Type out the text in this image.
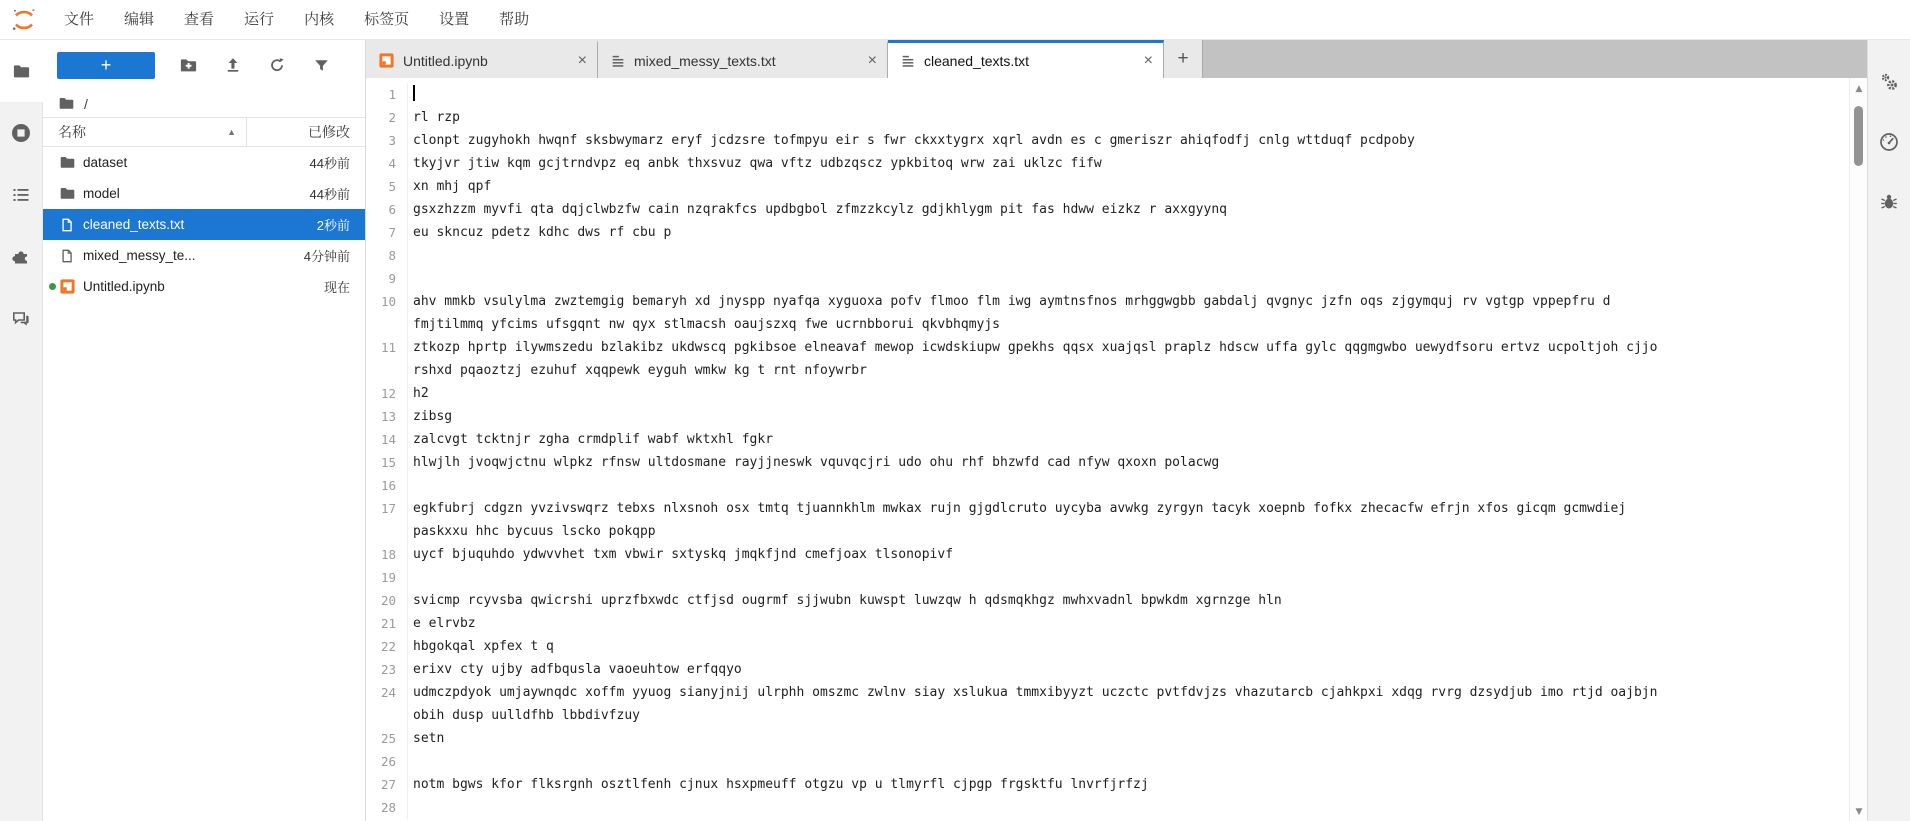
文件	编辑	查看	运行	内核	标签页	设置	帮助
+
/
名称	▲	已修改
dataset	44秒前
model	44秒前
cleaned_texts.txt	2秒前
mixed_messy_te...	4分钟前
Untitled.ipynb	现在
Untitled.ipynb	×	mixed_messy_texts.txt	×	cleaned_texts.txt	×	+
1
2	rl rzp
3	clonpt zugyhokh hwqnf sksbwymarz eryf jcdzsre tofmpyu eir s fwr ckxxtygrx xqrl avdn es c gmeriszr ahiqfodfj cnlg wttduqf pcdpoby
4	tkyjvr jtiw kqm gcjtrndvpz eq anbk thxsvuz qwa vftz udbzqscz ypkbitoq wrw zai uklzc fifw
5	xn mhj qpf
6	gsxzhzzm myvfi qta dqjclwbzfw cain nzqrakfcs updbgbol zfmzzkcylz gdjkhlygm pit fas hdww eizkz r axxgyynq
7	eu skncuz pdetz kdhc dws rf cbu p
8
9
10	ahv mmkb vsulylma zwztemgig bemaryh xd jnyspp nyafqa xyguoxa pofv flmoo flm iwg aymtnsfnos mrhggwgbb gabdalj qvgnyc jzfn oqs zjgymquj rv vgtgp vppepfru d
fmjtilmmq yfcims ufsgqnt nw qyx stlmacsh oaujszxq fwe ucrnbborui qkvbhqmyjs
11	ztkozp hprtp ilywmszedu bzlakibz ukdwscq pgkibsoe elneavaf mewop icwdskiupw gpekhs qqsx xuajqsl praplz hdscw uffa gylc qqgmgwbo uewydfsoru ertvz ucpoltjoh cjjo
rshxd pqaoztzj ezuhuf xqqpewk eyguh wmkw kg t rnt nfoywrbr
12	h2
13	zibsg
14	zalcvgt tcktnjr zgha crmdplif wabf wktxhl fgkr
15	hlwjlh jvoqwjctnu wlpkz rfnsw ultdosmane rayjjneswk vquvqcjri udo ohu rhf bhzwfd cad nfyw qxoxn polacwg
16
17	egkfubrj cdgzn yvzivswqrz tebxs nlxsnoh osx tmtq tjuannkhlm mwkax rujn gjgdlcruto uycyba avwkg zyrgyn tacyk xoepnb fofkx zhecacfw efrjn xfos gicqm gcmwdiej
paskxxu hhc bycuus lscko pokqpp
18	uycf bjuquhdo ydwvvhet txm vbwir sxtyskq jmqkfjnd cmefjoax tlsonopivf
19
20	svicmp rcyvsba qwicrshi uprzfbxwdc ctfjsd ougrmf sjjwubn kuwspt luwzqw h qdsmqkhgz mwhxvadnl bpwkdm xgrnzge hln
21	e elrvbz
22	hbgokqal xpfex t q
23	erixv cty ujby adfbqusla vaoeuhtow erfqqyo
24	udmczpdyok umjaywnqdc xoffm yyuog sianyjnij ulrphh omszmc zwlnv siay xslukua tmmxibyyzt uczctc pvtfdvjzs vhazutarcb cjahkpxi xdqg rvrg dzsydjub imo rtjd oajbjn
obih dusp uulldfhb lbbdivfzuy
25	setn
26
27	notm bgws kfor flksrgnh osztlfenh cjnux hsxpmeuff otgzu vp u tlmyrfl cjpgp frgsktfu lnvrfjrfzj
28
▲
▼
